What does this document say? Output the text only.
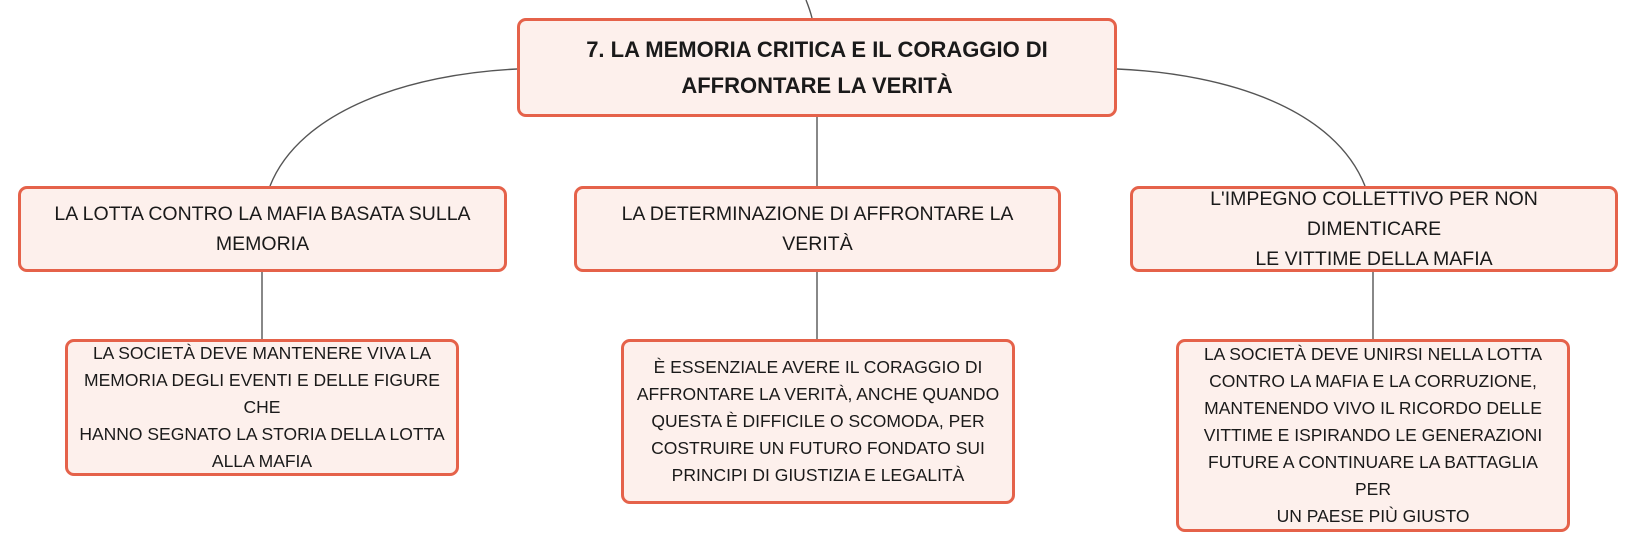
7. LA MEMORIA CRITICA E IL CORAGGIO DI
AFFRONTARE LA VERITÀ
LA LOTTA CONTRO LA MAFIA BASATA SULLA
MEMORIA
LA DETERMINAZIONE DI AFFRONTARE LA VERITÀ
L'IMPEGNO COLLETTIVO PER NON DIMENTICARE
LE VITTIME DELLA MAFIA
LA SOCIETÀ DEVE MANTENERE VIVA LA
MEMORIA DEGLI EVENTI E DELLE FIGURE CHE
HANNO SEGNATO LA STORIA DELLA LOTTA
ALLA MAFIA
È ESSENZIALE AVERE IL CORAGGIO DI
AFFRONTARE LA VERITÀ, ANCHE QUANDO
QUESTA È DIFFICILE O SCOMODA, PER
COSTRUIRE UN FUTURO FONDATO SUI
PRINCIPI DI GIUSTIZIA E LEGALITÀ
LA SOCIETÀ DEVE UNIRSI NELLA LOTTA
CONTRO LA MAFIA E LA CORRUZIONE,
MANTENENDO VIVO IL RICORDO DELLE
VITTIME E ISPIRANDO LE GENERAZIONI
FUTURE A CONTINUARE LA BATTAGLIA PER
UN PAESE PIÙ GIUSTO
